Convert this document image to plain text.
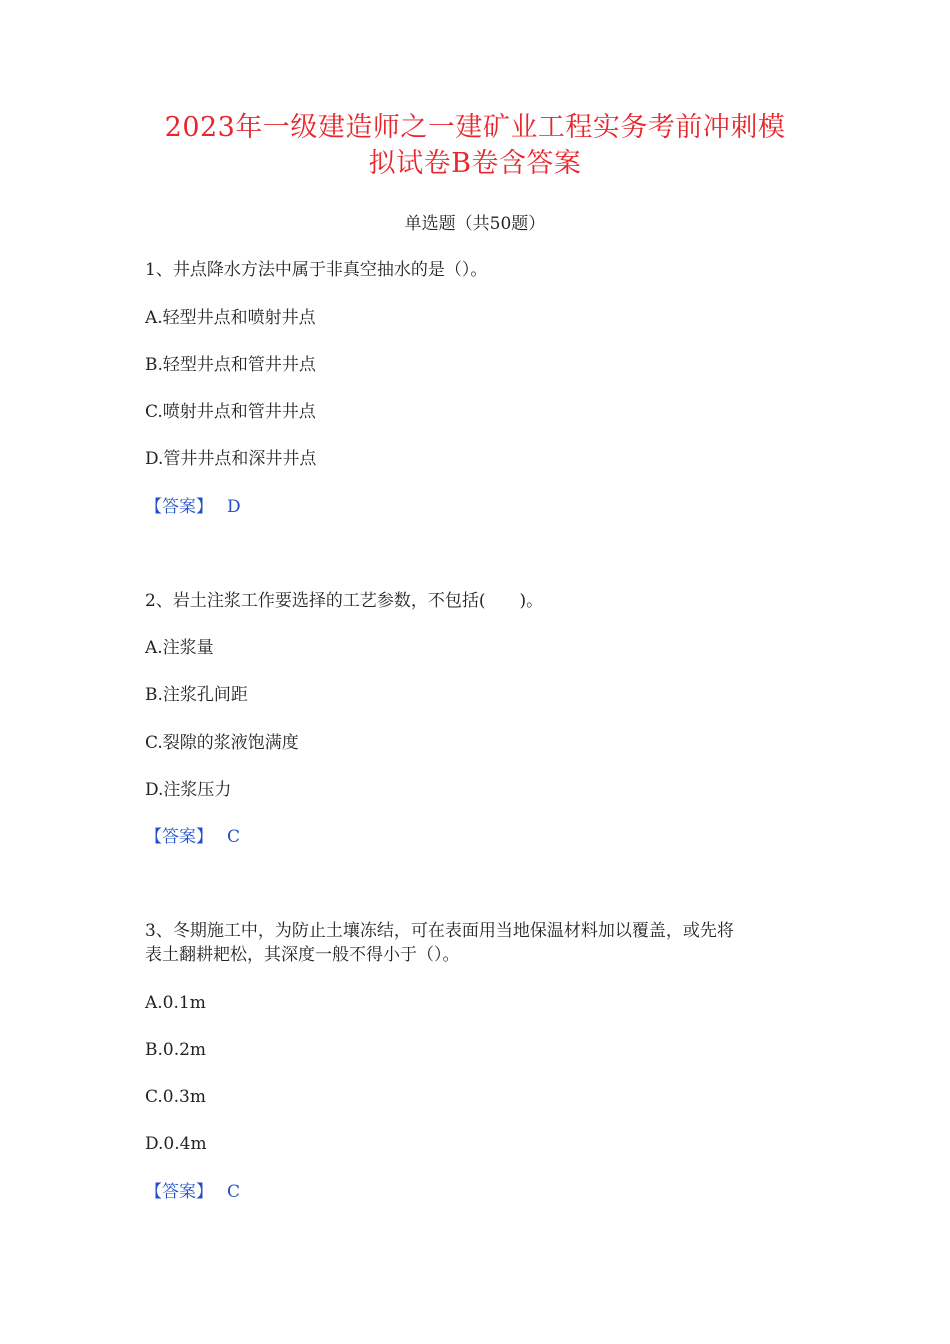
2023年一级建造师之一建矿业工程实务考前冲刺模
拟试卷B卷含答案
单选题（共50题）
1、井点降水方法中属于非真空抽水的是（）。
A.轻型井点和喷射井点
B.轻型井点和管井井点
C.喷射井点和管井井点
D.管井井点和深井井点
【答案】 D
2、岩土注浆工作要选择的工艺参数，不包括(　　)。
A.注浆量
B.注浆孔间距
C.裂隙的浆液饱满度
D.注浆压力
【答案】 C
3、冬期施工中，为防止土壤冻结，可在表面用当地保温材料加以覆盖，或先将
表土翻耕耙松，其深度一般不得小于（）。
A.0.1m
B.0.2m
C.0.3m
D.0.4m
【答案】 C
